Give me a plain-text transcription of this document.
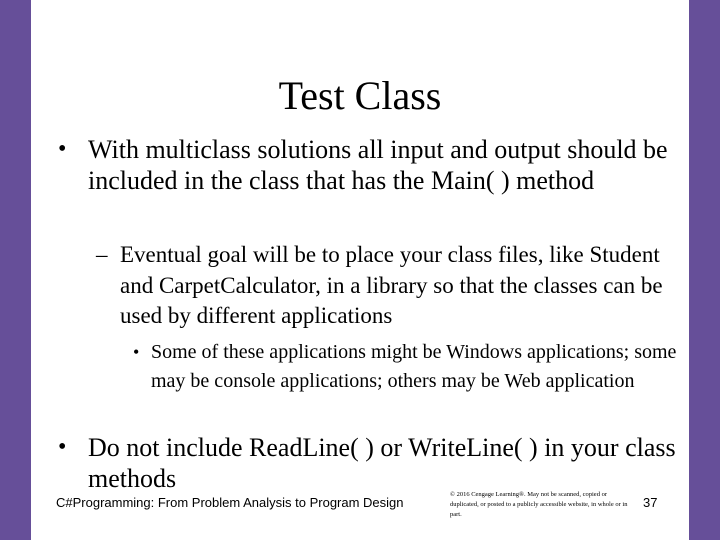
Test Class
• With multiclass solutions all input and output should be included in the class that has the Main( ) method
– Eventual goal will be to place your class files, like Student and CarpetCalculator, in a library so that the classes can be used by different applications
• Some of these applications might be Windows applications; some may be console applications; others may be Web application
• Do not include ReadLine( ) or WriteLine( ) in your class methods
C#Programming: From Problem Analysis to Program Design
© 2016 Cengage Learning®. May not be scanned, copied or duplicated, or posted to a publicly accessible website, in whole or in part.
37
